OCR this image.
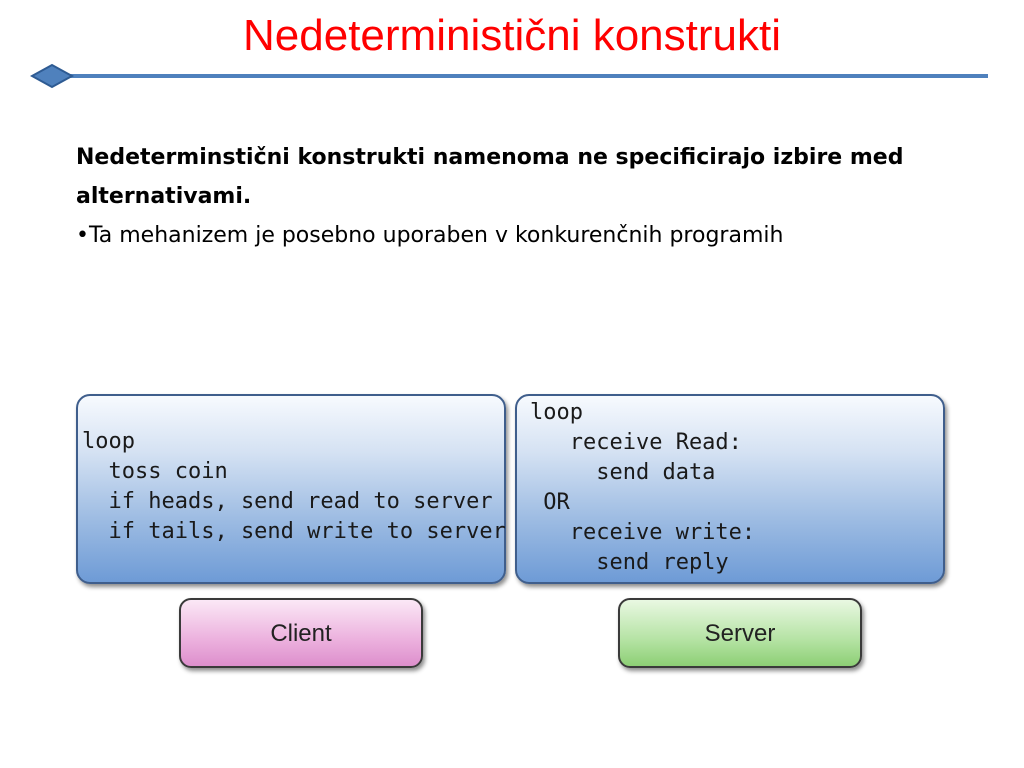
Nedeterministični konstrukti
Nedeterminstični konstrukti namenoma ne specificirajo izbire med alternativami.
•Ta mehanizem je posebno uporaben v konkurenčnih programih
loop
toss coin
if heads, send read to server
if tails, send write to server
loop
receive Read:
send data
OR
receive write:
send reply
Client	Server
